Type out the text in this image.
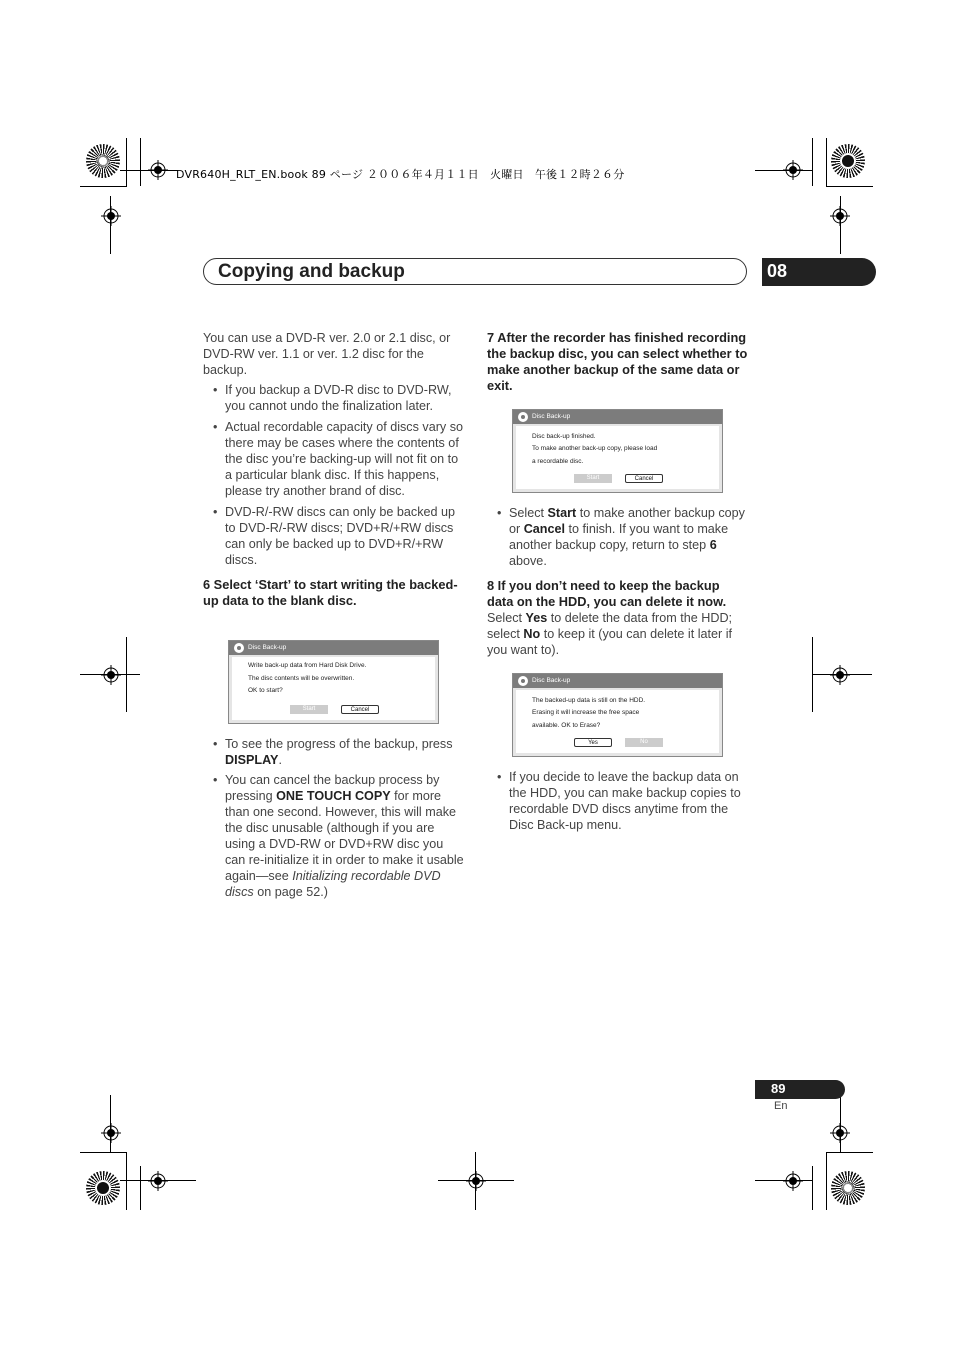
DVR640H_RLT_EN.book 89 ページ ２００６年４月１１日　火曜日　午後１２時２６分
Copying and backup	08

You can use a DVD-R ver. 2.0 or 2.1 disc, or DVD-RW ver. 1.1 or ver. 1.2 disc for the backup.

• If you backup a DVD-R disc to DVD-RW, you cannot undo the finalization later.
• Actual recordable capacity of discs vary so there may be cases where the contents of the disc you’re backing-up will not fit on to a particular blank disc. If this happens, please try another brand of disc.
• DVD-R/-RW discs can only be backed up to DVD-R/-RW discs; DVD+R/+RW discs can only be backed up to DVD+R/+RW discs.

6 Select ‘Start’ to start writing the backed-up data to the blank disc.

Disc Back-up
Write back-up data from Hard Disk Drive.
The disc contents will be overwritten.
OK to start?
Start	Cancel
• To see the progress of the backup, press DISPLAY.
• You can cancel the backup process by pressing ONE TOUCH COPY for more than one second. However, this will make the disc unusable (although if you are using a DVD-RW or DVD+RW disc you can re-initialize it in order to make it usable again—see Initializing recordable DVD discs on page 52.)

7 After the recorder has finished recording the backup disc, you can select whether to make another backup of the same data or exit.

Disc Back-up
Disc back-up finished.
To make another back-up copy, please load
a recordable disc.
Start	Cancel
• Select Start to make another backup copy or Cancel to finish. If you want to make another backup copy, return to step 6 above.

8 If you don’t need to keep the backup data on the HDD, you can delete it now.

Select Yes to delete the data from the HDD; select No to keep it (you can delete it later if you want to).

Disc Back-up
The backed-up data is still on the HDD.
Erasing it will increase the free space
available. OK to Erase?
Yes	No
• If you decide to leave the backup data on the HDD, you can make backup copies to recordable DVD discs anytime from the Disc Back-up menu.
89
En
